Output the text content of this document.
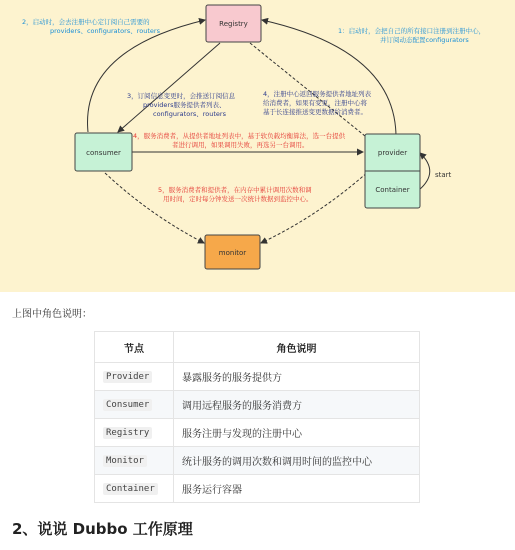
Registry
consumer	provider
Container
start
monitor
2，启动时，会去注册中心定订阅自己需要的
providers、configurators、routers	1：启动时，会把自己的所有接口注册到注册中心，
并订阅动态配置configurators
3，订阅信息变更时，会推送订阅信息
providers服务提供者列表、
configurators、routers
4，注册中心返回服务提供者地址列表
给消费者，如果有变更，注册中心将
基于长连接推送变更数据给消费者。
4，服务消费者，从提供者地址列表中，基于软负载均衡算法，选一台提供
者进行调用，如果调用失败，再选另一台调用。
5，服务消费者和提供者，在内存中累计调用次数和调
用时间，定时每分钟发送一次统计数据到监控中心。
上图中角色说明：
节点	角色说明
Provider	暴露服务的服务提供方
Consumer	调用远程服务的服务消费方
Registry	服务注册与发现的注册中心
Monitor	统计服务的调用次数和调用时间的监控中心
Container	服务运行容器
2、说说 Dubbo 工作原理
